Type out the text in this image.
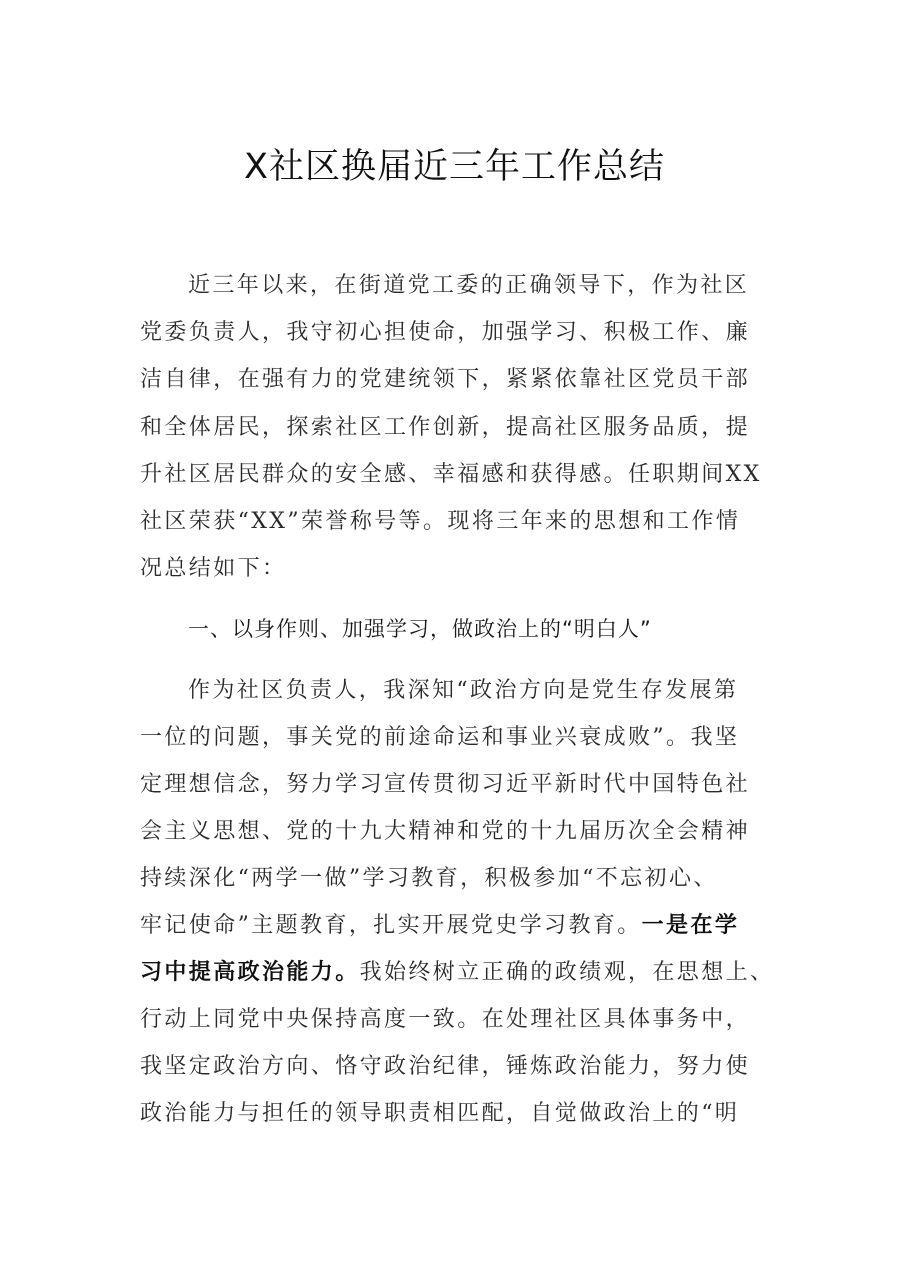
X社区换届近三年工作总结
近三年以来，在街道党工委的正确领导下，作为社区
党委负责人，我守初心担使命，加强学习、积极工作、廉
洁自律，在强有力的党建统领下，紧紧依靠社区党员干部
和全体居民，探索社区工作创新，提高社区服务品质，提
升社区居民群众的安全感、幸福感和获得感。任职期间XX
社区荣获“XX”荣誉称号等。现将三年来的思想和工作情
况总结如下：
一、以身作则、加强学习，做政治上的“明白人”
作为社区负责人，我深知“政治方向是党生存发展第
一位的问题，事关党的前途命运和事业兴衰成败”。我坚
定理想信念，努力学习宣传贯彻习近平新时代中国特色社
会主义思想、党的十九大精神和党的十九届历次全会精神
持续深化“两学一做”学习教育，积极参加“不忘初心、
牢记使命”主题教育，扎实开展党史学习教育。一是在学
习中提高政治能力。我始终树立正确的政绩观，在思想上、
行动上同党中央保持高度一致。在处理社区具体事务中，
我坚定政治方向、恪守政治纪律，锤炼政治能力，努力使
政治能力与担任的领导职责相匹配，自觉做政治上的“明
